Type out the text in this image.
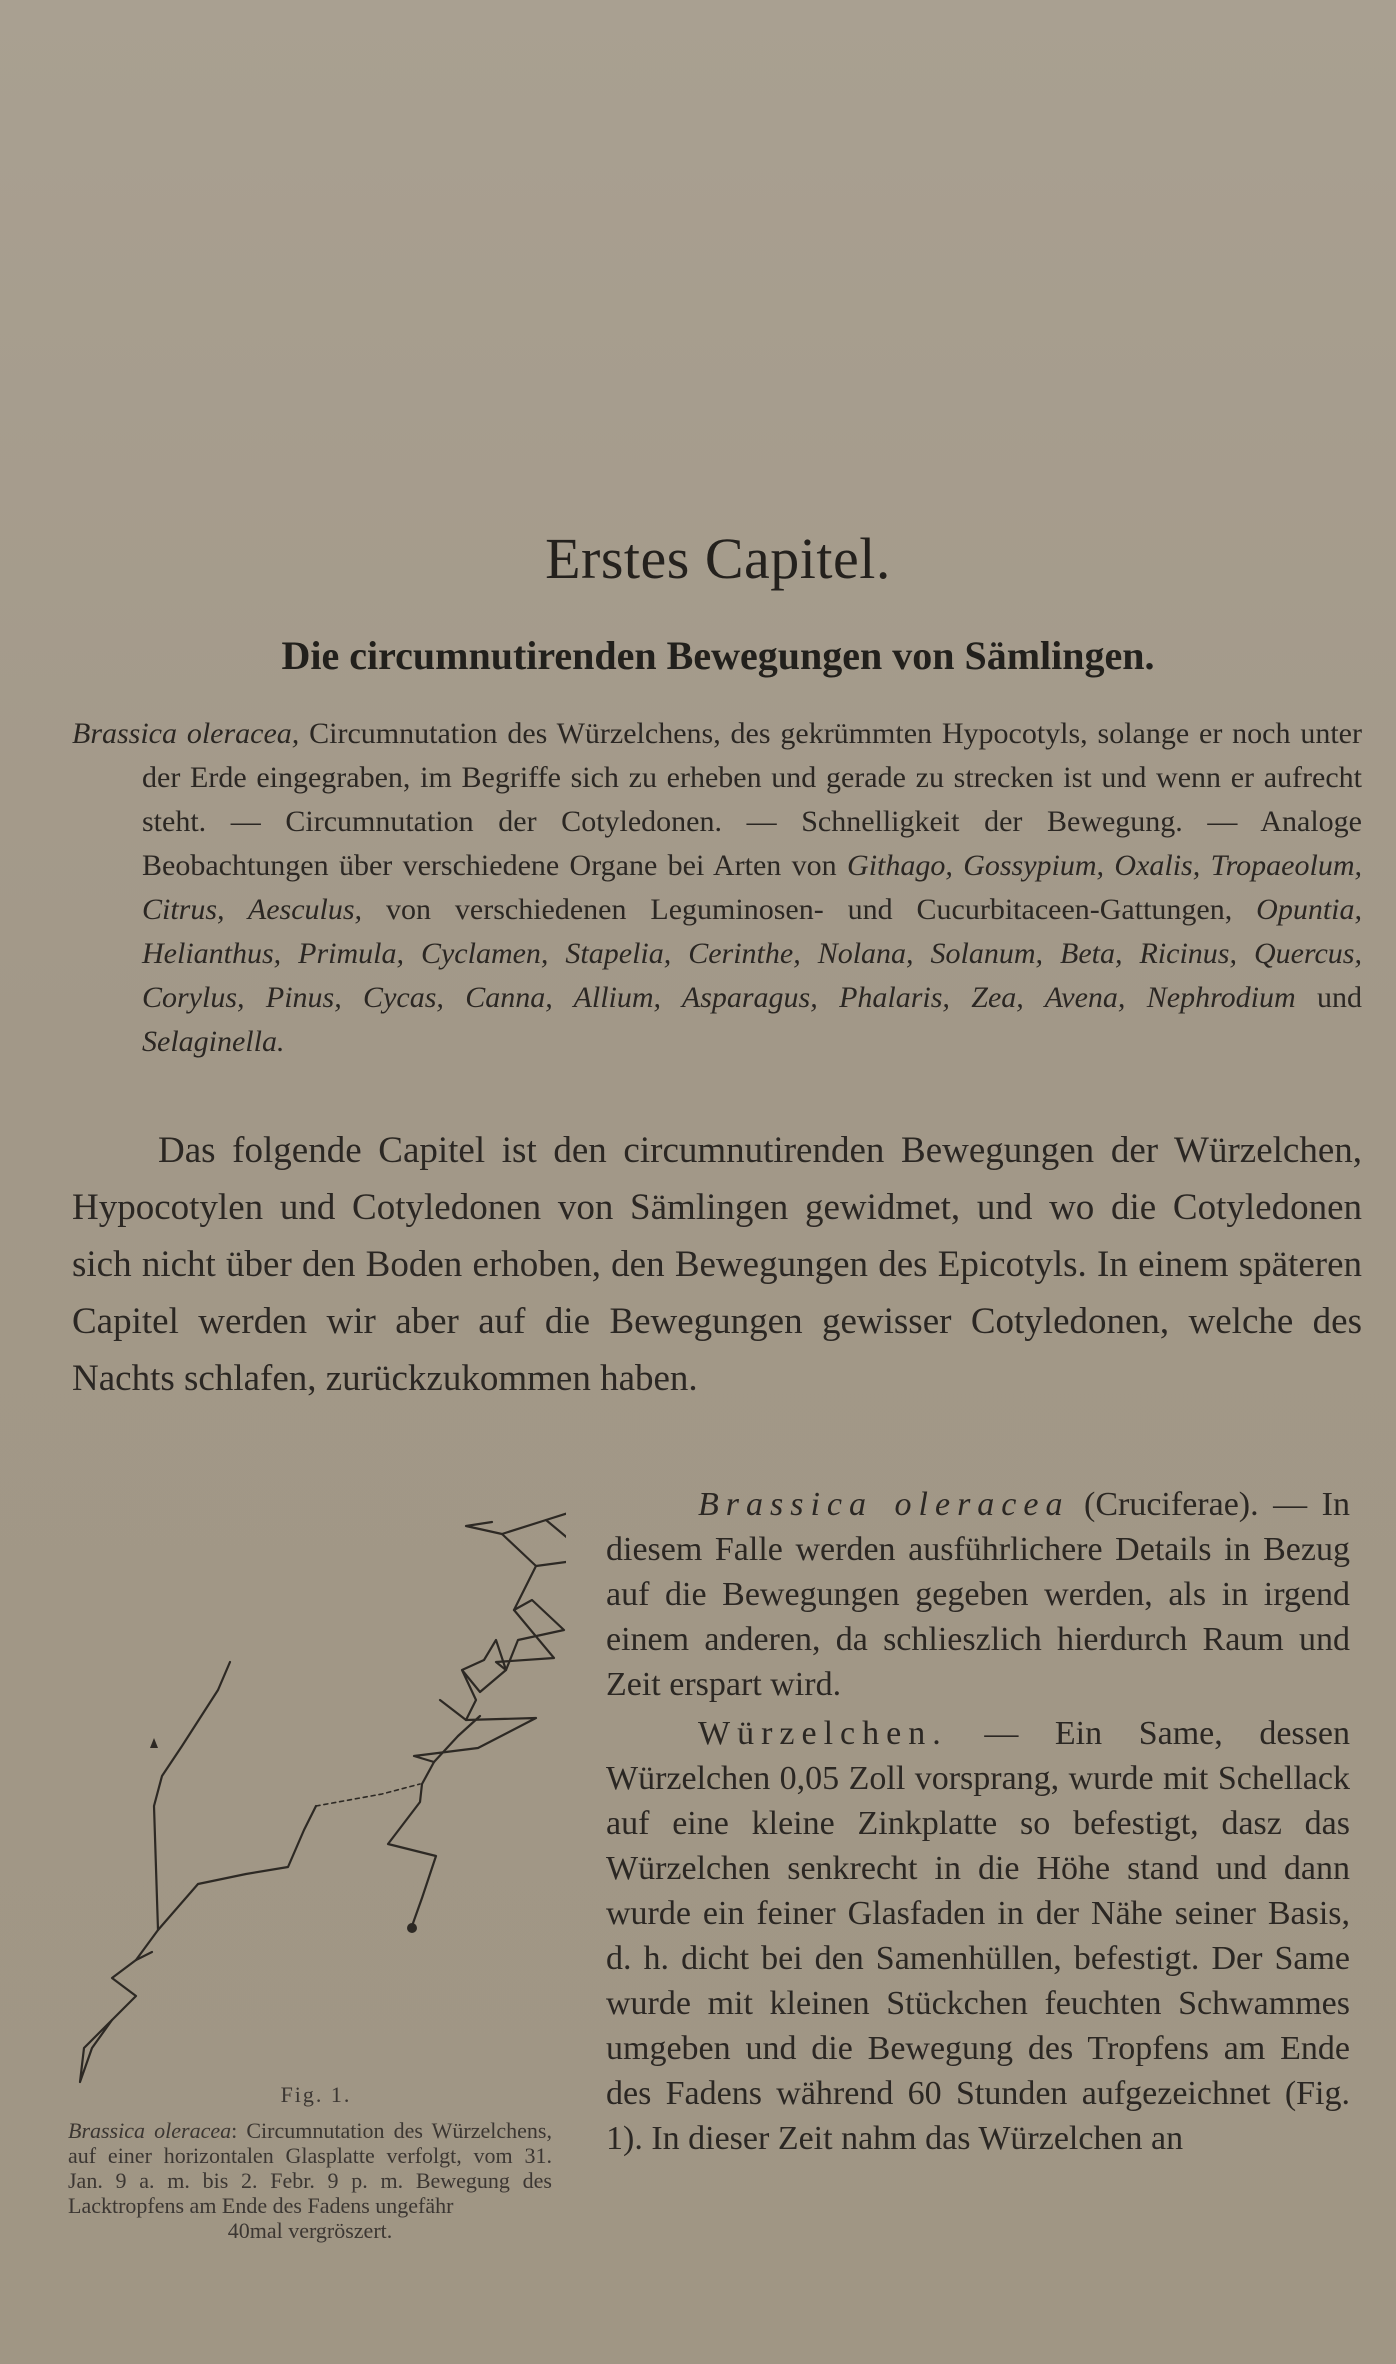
Erstes Capitel.
Die circumnutirenden Bewegungen von Sämlingen.
Brassica oleracea, Circumnutation des Würzelchens, des gekrümmten Hypocotyls, solange er noch unter der Erde eingegraben, im Begriffe sich zu erheben und gerade zu strecken ist und wenn er aufrecht steht. — Circumnutation der Cotyledonen. — Schnelligkeit der Bewegung. — Analoge Beobachtungen über verschiedene Organe bei Arten von Githago, Gossypium, Oxalis, Tropaeolum, Citrus, Aesculus, von verschiedenen Leguminosen- und Cucurbitaceen-Gattungen, Opuntia, Helianthus, Primula, Cyclamen, Stapelia, Cerinthe, Nolana, Solanum, Beta, Ricinus, Quercus, Corylus, Pinus, Cycas, Canna, Allium, Asparagus, Phalaris, Zea, Avena, Nephrodium und Selaginella.
Das folgende Capitel ist den circumnutirenden Bewegungen der Würzelchen, Hypocotylen und Cotyledonen von Sämlingen gewidmet, und wo die Cotyledonen sich nicht über den Boden erhoben, den Bewegungen des Epicotyls. In einem späteren Capitel werden wir aber auf die Bewegungen gewisser Cotyledonen, welche des Nachts schlafen, zurückzukommen haben.
Fig. 1.
Brassica oleracea: Circumnutation des Würzelchens, auf einer horizontalen Glasplatte verfolgt, vom 31. Jan. 9 a. m. bis 2. Febr. 9 p. m. Bewegung des Lacktropfens am Ende des Fadens ungefähr
40mal vergröszert.

Brassica oleracea (Cruciferae). — In diesem Falle werden ausführlichere Details in Bezug auf die Bewegungen gegeben werden, als in irgend einem anderen, da schlieszlich hierdurch Raum und Zeit erspart wird.

Würzelchen. — Ein Same, dessen Würzelchen 0,05 Zoll vorsprang, wurde mit Schellack auf eine kleine Zinkplatte so befestigt, dasz das Würzelchen senkrecht in die Höhe stand und dann wurde ein feiner Glasfaden in der Nähe seiner Basis, d. h. dicht bei den Samenhüllen, befestigt. Der Same wurde mit kleinen Stückchen feuchten Schwammes umgeben und die Bewegung des Tropfens am Ende des Fadens während 60 Stunden aufgezeichnet (Fig. 1). In dieser Zeit nahm das Würzelchen an
